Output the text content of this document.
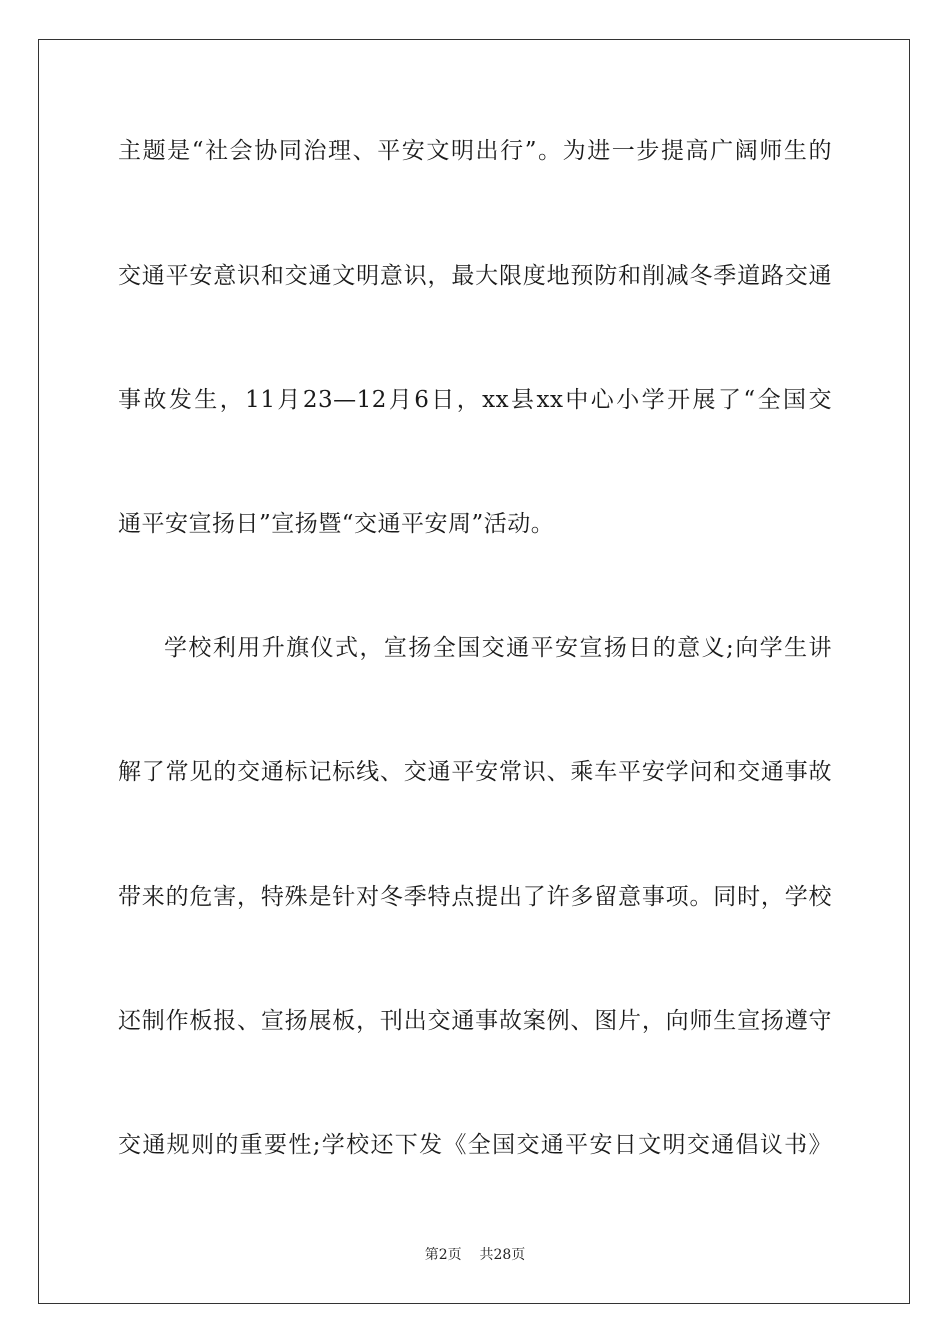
主题是“社会协同治理、平安文明出行”。为进一步提高广阔师生的
交通平安意识和交通文明意识，最大限度地预防和削减冬季道路交通
事故发生，11月23—12月6日，xx县xx中心小学开展了“全国交
通平安宣扬日”宣扬暨“交通平安周”活动。
学校利用升旗仪式，宣扬全国交通平安宣扬日的意义;向学生讲
解了常见的交通标记标线、交通平安常识、乘车平安学问和交通事故
带来的危害，特殊是针对冬季特点提出了许多留意事项。同时，学校
还制作板报、宣扬展板，刊出交通事故案例、图片，向师生宣扬遵守
交通规则的重要性;学校还下发《全国交通平安日文明交通倡议书》
第2页 共28页
